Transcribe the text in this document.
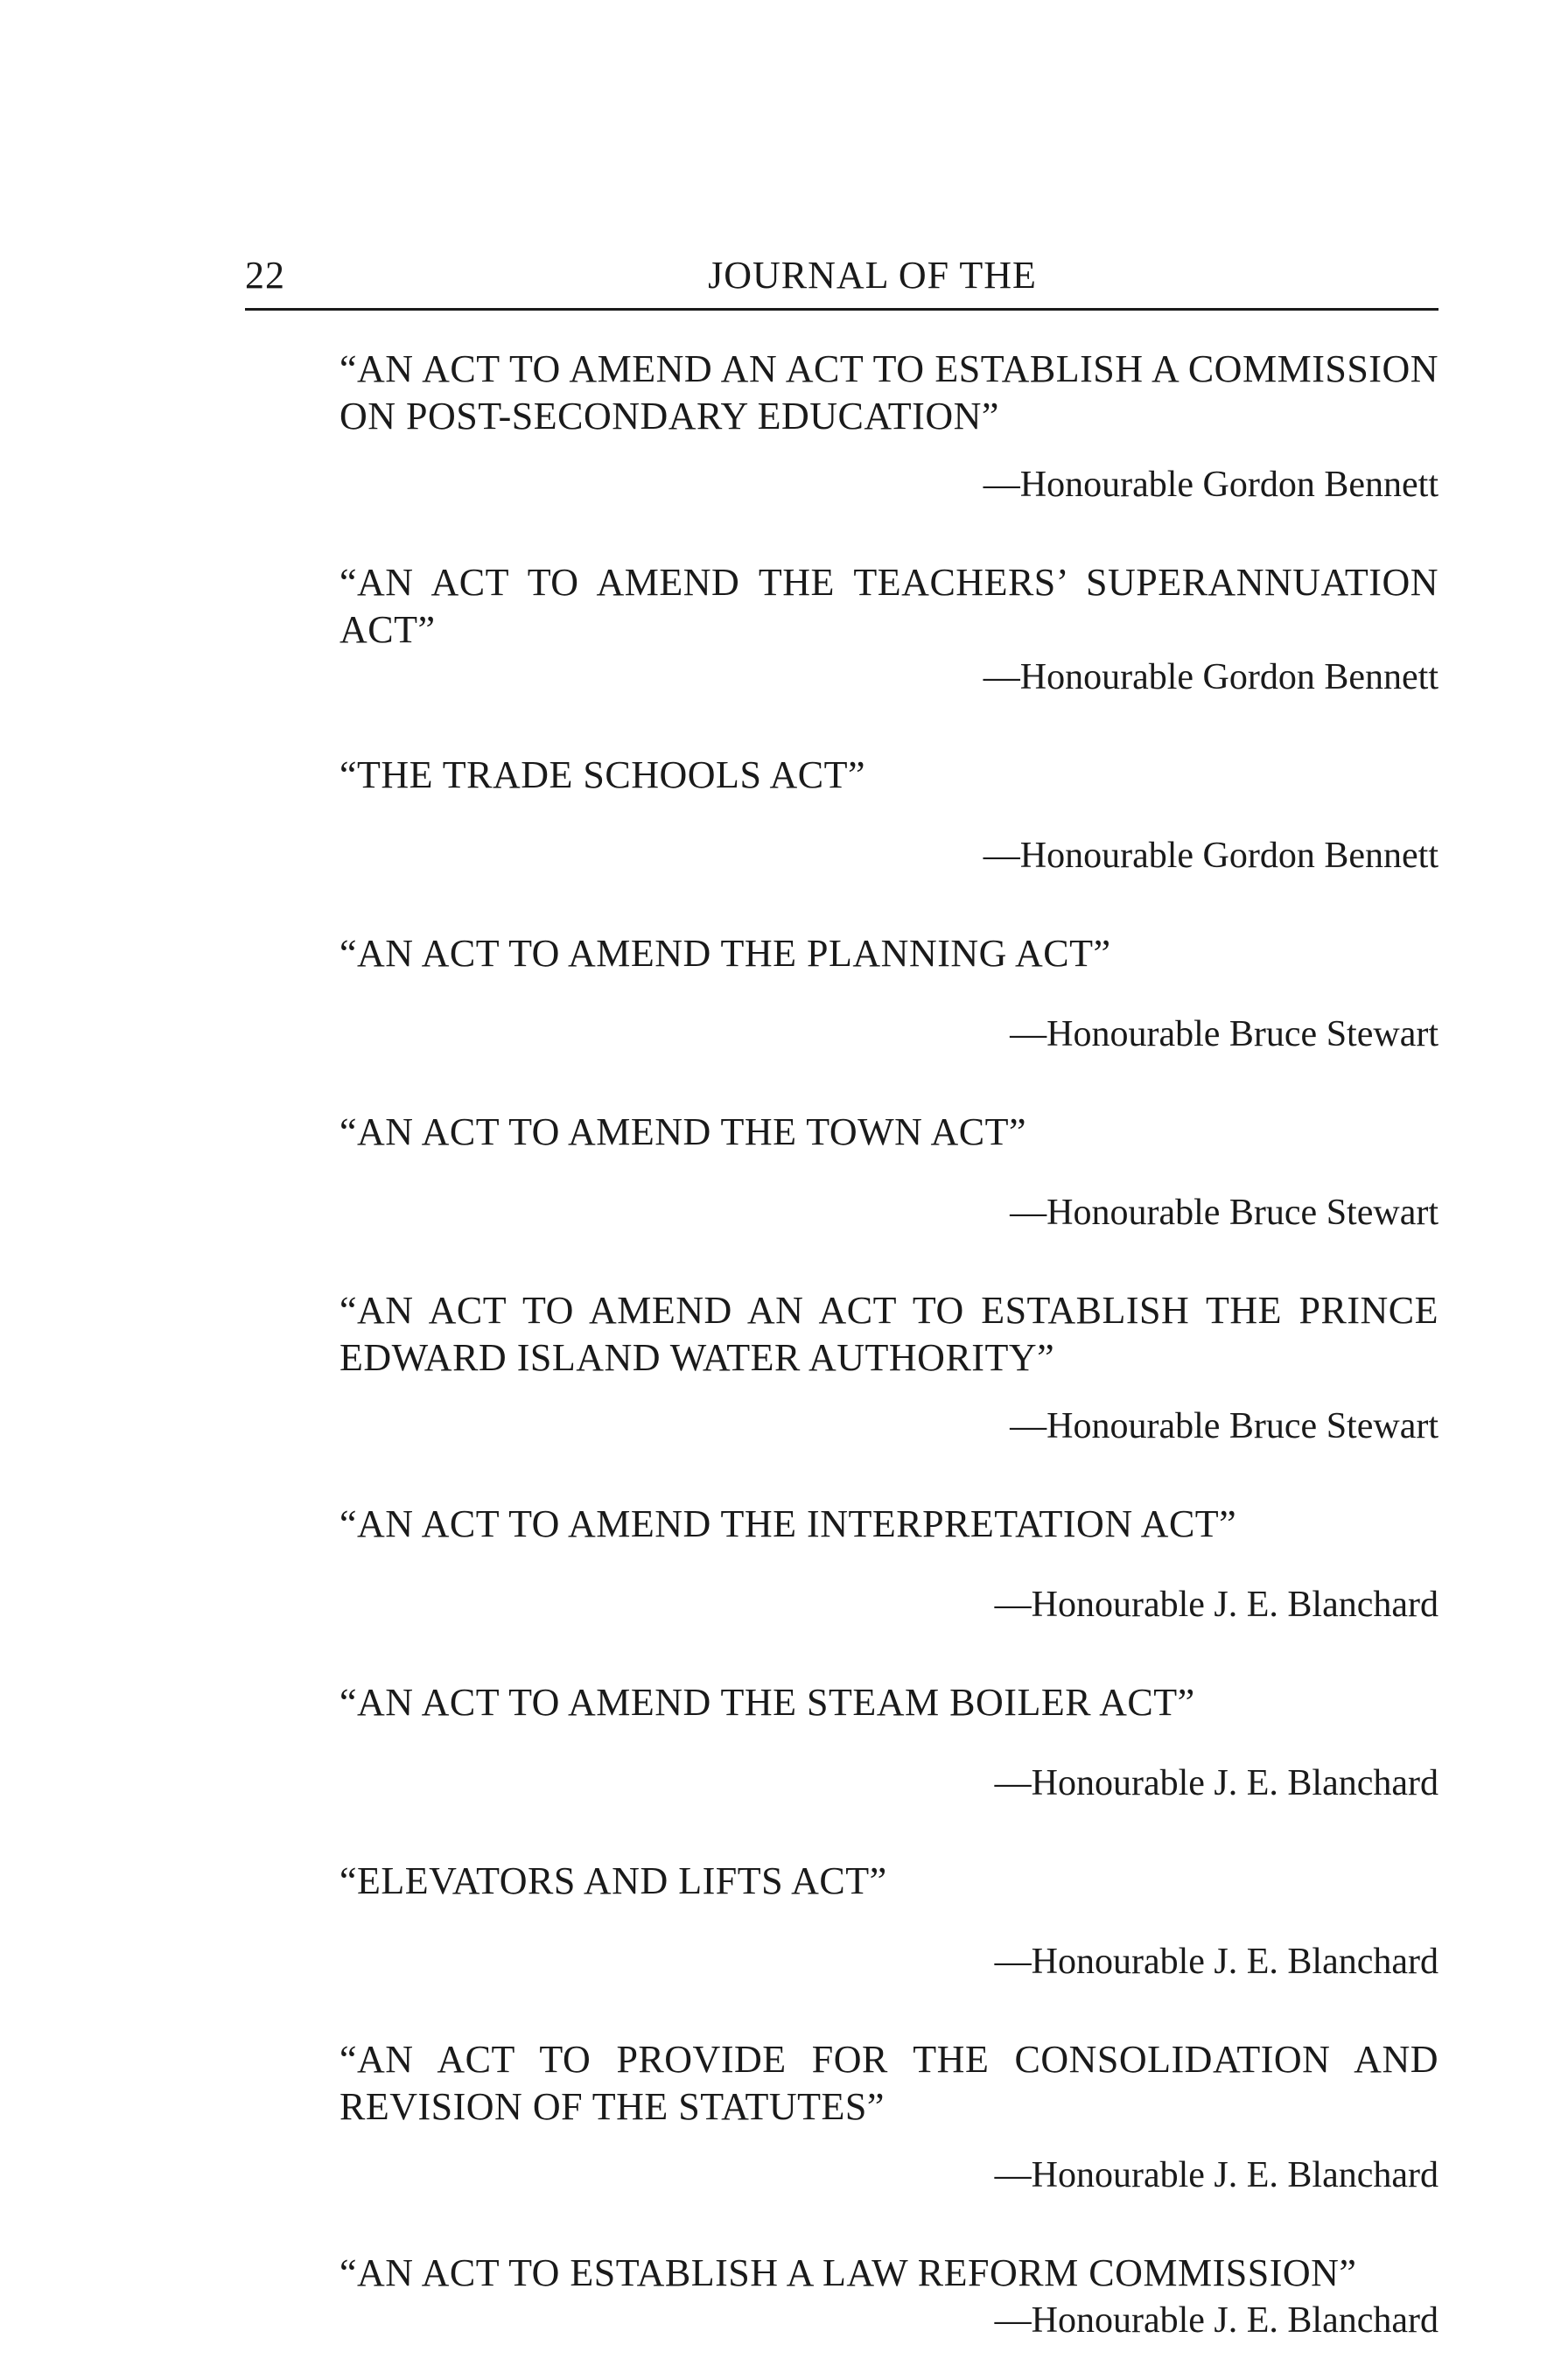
22	JOURNAL OF THE

“AN ACT TO AMEND AN ACT TO ESTABLISH A COMMISSION ON POST-SECONDARY EDUCATION”

—Honourable Gordon Bennett

“AN ACT TO AMEND THE TEACHERS’ SUPERANNUATION ACT”

—Honourable Gordon Bennett

“THE TRADE SCHOOLS ACT”

—Honourable Gordon Bennett

“AN ACT TO AMEND THE PLANNING ACT”

—Honourable Bruce Stewart

“AN ACT TO AMEND THE TOWN ACT”

—Honourable Bruce Stewart

“AN ACT TO AMEND AN ACT TO ESTABLISH THE PRINCE EDWARD ISLAND WATER AUTHORITY”

—Honourable Bruce Stewart

“AN ACT TO AMEND THE INTERPRETATION ACT”

—Honourable J. E. Blanchard

“AN ACT TO AMEND THE STEAM BOILER ACT”

—Honourable J. E. Blanchard

“ELEVATORS AND LIFTS ACT”

—Honourable J. E. Blanchard

“AN ACT TO PROVIDE FOR THE CONSOLIDATION AND REVISION OF THE STATUTES”

—Honourable J. E. Blanchard

“AN ACT TO ESTABLISH A LAW REFORM COMMISSION”

—Honourable J. E. Blanchard
